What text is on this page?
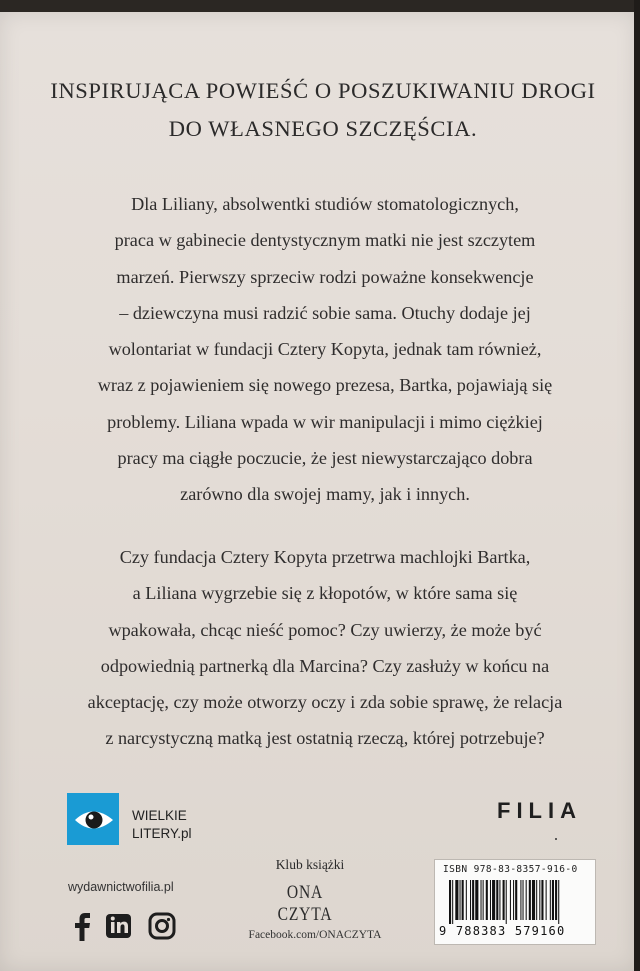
INSPIRUJĄCA POWIEŚĆ O POSZUKIWANIU DROGI
DO WŁASNEGO SZCZĘŚCIA.
Dla Liliany, absolwentki studiów stomatologicznych,
praca w gabinecie dentystycznym matki nie jest szczytem
marzeń. Pierwszy sprzeciw rodzi poważne konsekwencje
– dziewczyna musi radzić sobie sama. Otuchy dodaje jej
wolontariat w fundacji Cztery Kopyta, jednak tam również,
wraz z pojawieniem się nowego prezesa, Bartka, pojawiają się
problemy. Liliana wpada w wir manipulacji i mimo ciężkiej
pracy ma ciągłe poczucie, że jest niewystarczająco dobra
zarówno dla swojej mamy, jak i innych.
Czy fundacja Cztery Kopyta przetrwa machlojki Bartka,
a Liliana wygrzebie się z kłopotów, w które sama się
wpakowała, chcąc nieść pomoc? Czy uwierzy, że może być
odpowiednią partnerką dla Marcina? Czy zasłuży w końcu na
akceptację, czy może otworzy oczy i zda sobie sprawę, że relacja
z narcystyczną matką jest ostatnią rzeczą, której potrzebuje?
WIELKIE
LITERY.pl
wydawnictwofilia.pl
Klub książki
ONA
CZYTA
Facebook.com/ONACZYTA
FILIA
ISBN 978-83-8357-916-0
9 788383 579160
